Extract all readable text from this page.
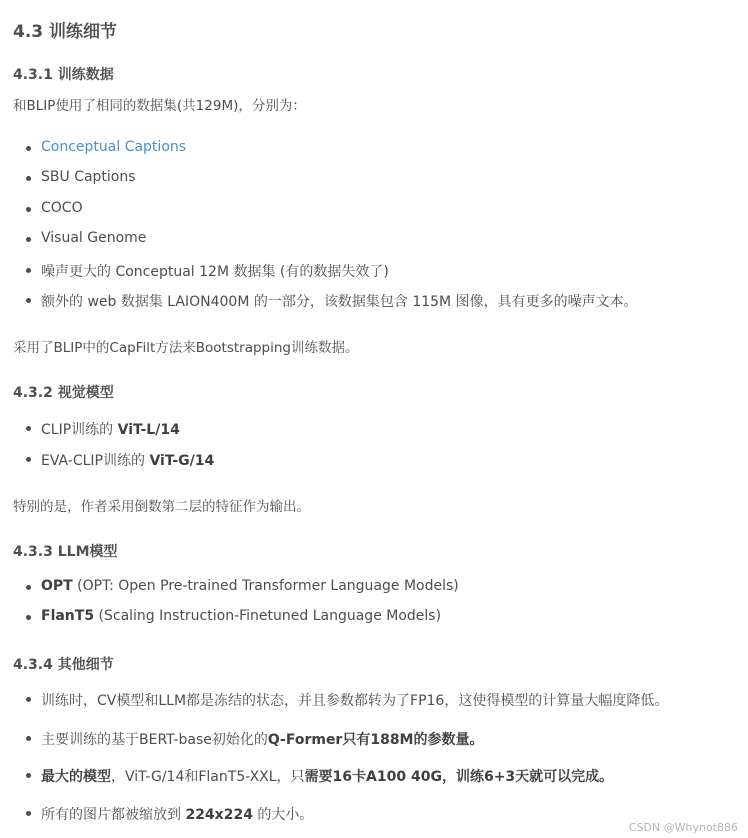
4.3 训练细节
4.3.1 训练数据

和BLIP使用了相同的数据集(共129M)，分别为：

Conceptual Captions
SBU Captions
COCO
Visual Genome
噪声更大的 Conceptual 12M 数据集 (有的数据失效了)
额外的 web 数据集 LAION400M 的一部分，该数据集包含 115M 图像，具有更多的噪声文本。

采用了BLIP中的CapFilt方法来Bootstrapping训练数据。

4.3.2 视觉模型
CLIP训练的 ViT-L/14
EVA-CLIP训练的 ViT-G/14

特别的是，作者采用倒数第二层的特征作为输出。

4.3.3 LLM模型
OPT (OPT: Open Pre-trained Transformer Language Models)
FlanT5 (Scaling Instruction-Finetuned Language Models)
4.3.4 其他细节
训练时，CV模型和LLM都是冻结的状态，并且参数都转为了FP16，这使得模型的计算量大幅度降低。
主要训练的基于BERT-base初始化的Q-Former只有188M的参数量。
最大的模型，ViT-G/14和FlanT5-XXL，只需要16卡A100 40G，训练6+3天就可以完成。
所有的图片都被缩放到 224x224 的大小。
CSDN @Whynot886
